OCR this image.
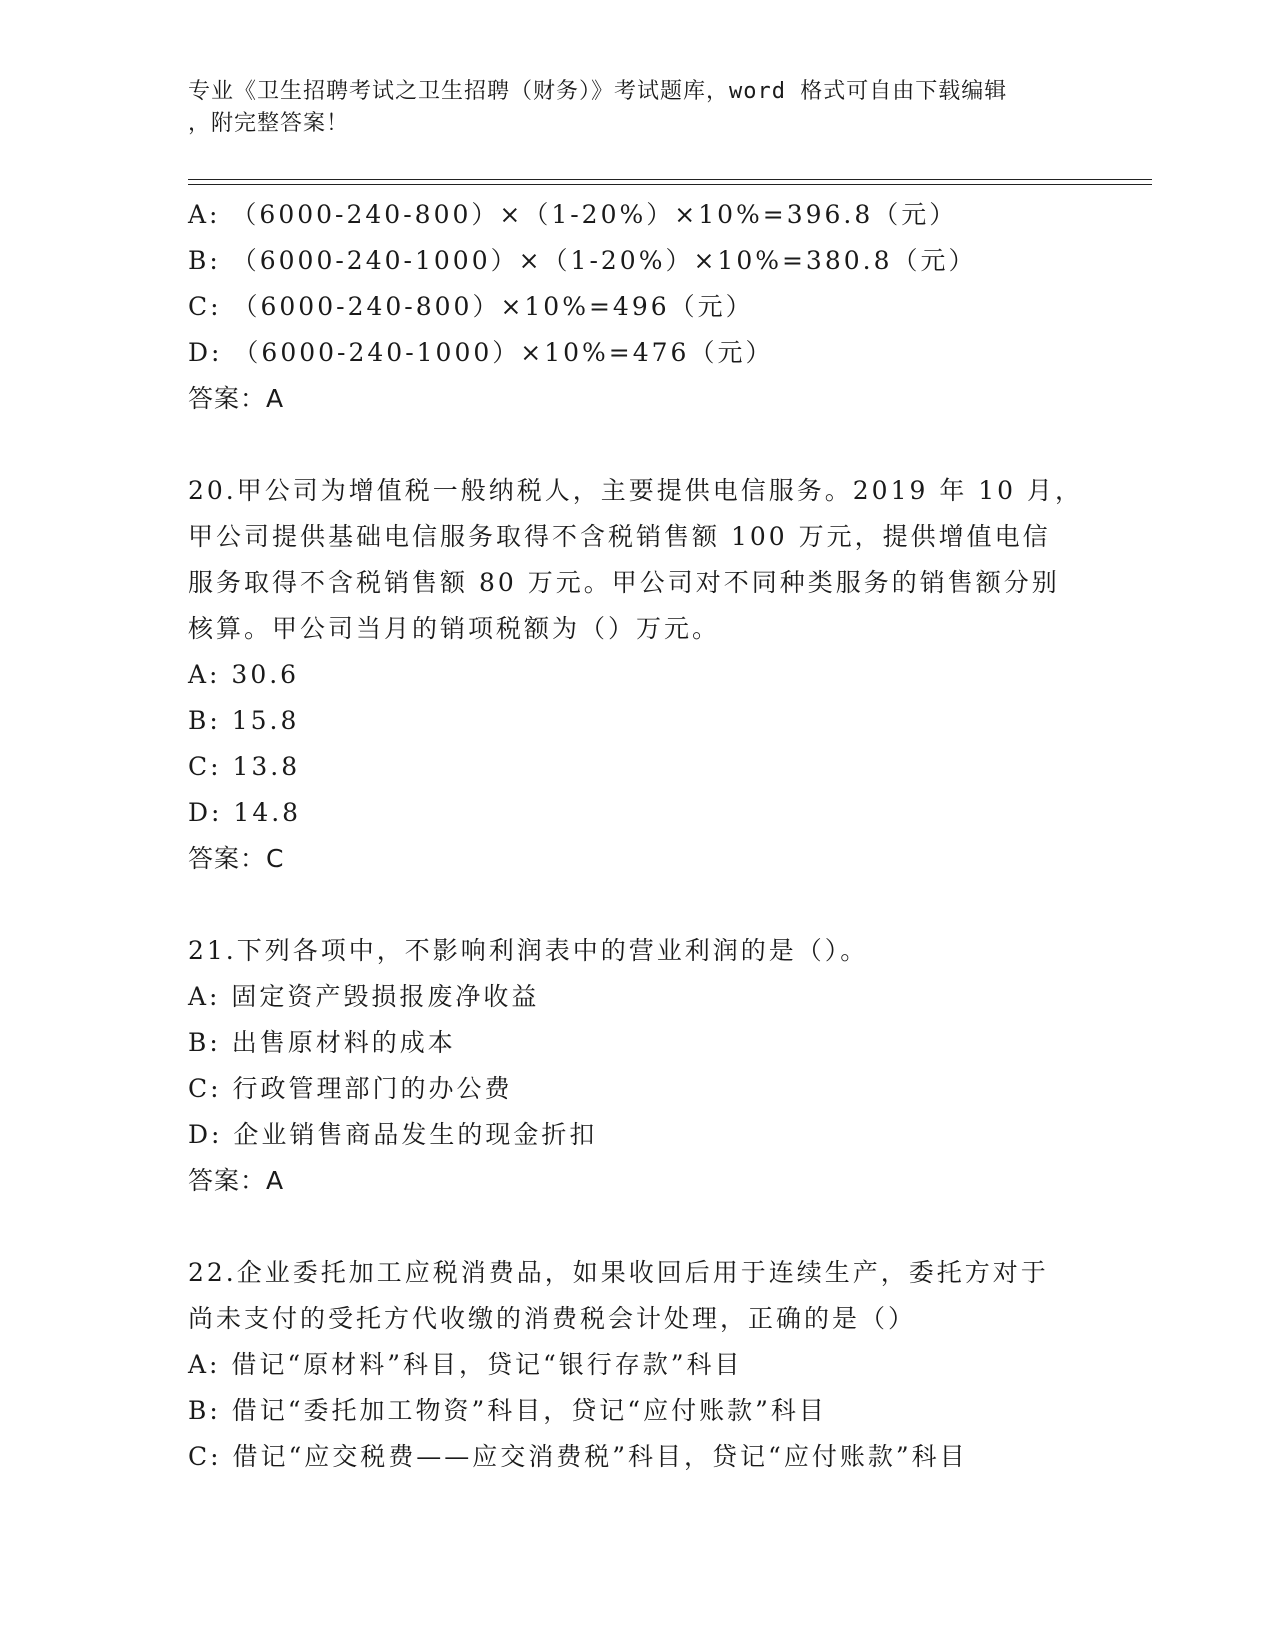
专业《卫生招聘考试之卫生招聘（财务）》考试题库，word 格式可自由下载编辑
，附完整答案！
A: （6000-240-800）×（1-20%）×10%=396.8（元）
B: （6000-240-1000）×（1-20%）×10%=380.8（元）
C: （6000-240-800）×10%=496（元）
D: （6000-240-1000）×10%=476（元）
答案：A
20.甲公司为增值税一般纳税人，主要提供电信服务。2019 年 10 月，
甲公司提供基础电信服务取得不含税销售额 100 万元，提供增值电信
服务取得不含税销售额 80 万元。甲公司对不同种类服务的销售额分别
核算。甲公司当月的销项税额为（）万元。
A: 30.6
B: 15.8
C: 13.8
D: 14.8
答案：C
21.下列各项中，不影响利润表中的营业利润的是（）。
A: 固定资产毁损报废净收益
B: 出售原材料的成本
C: 行政管理部门的办公费
D: 企业销售商品发生的现金折扣
答案：A
22.企业委托加工应税消费品，如果收回后用于连续生产，委托方对于
尚未支付的受托方代收缴的消费税会计处理，正确的是（）
A: 借记“原材料”科目，贷记“银行存款”科目
B: 借记“委托加工物资”科目，贷记“应付账款”科目
C: 借记“应交税费——应交消费税”科目，贷记“应付账款”科目
